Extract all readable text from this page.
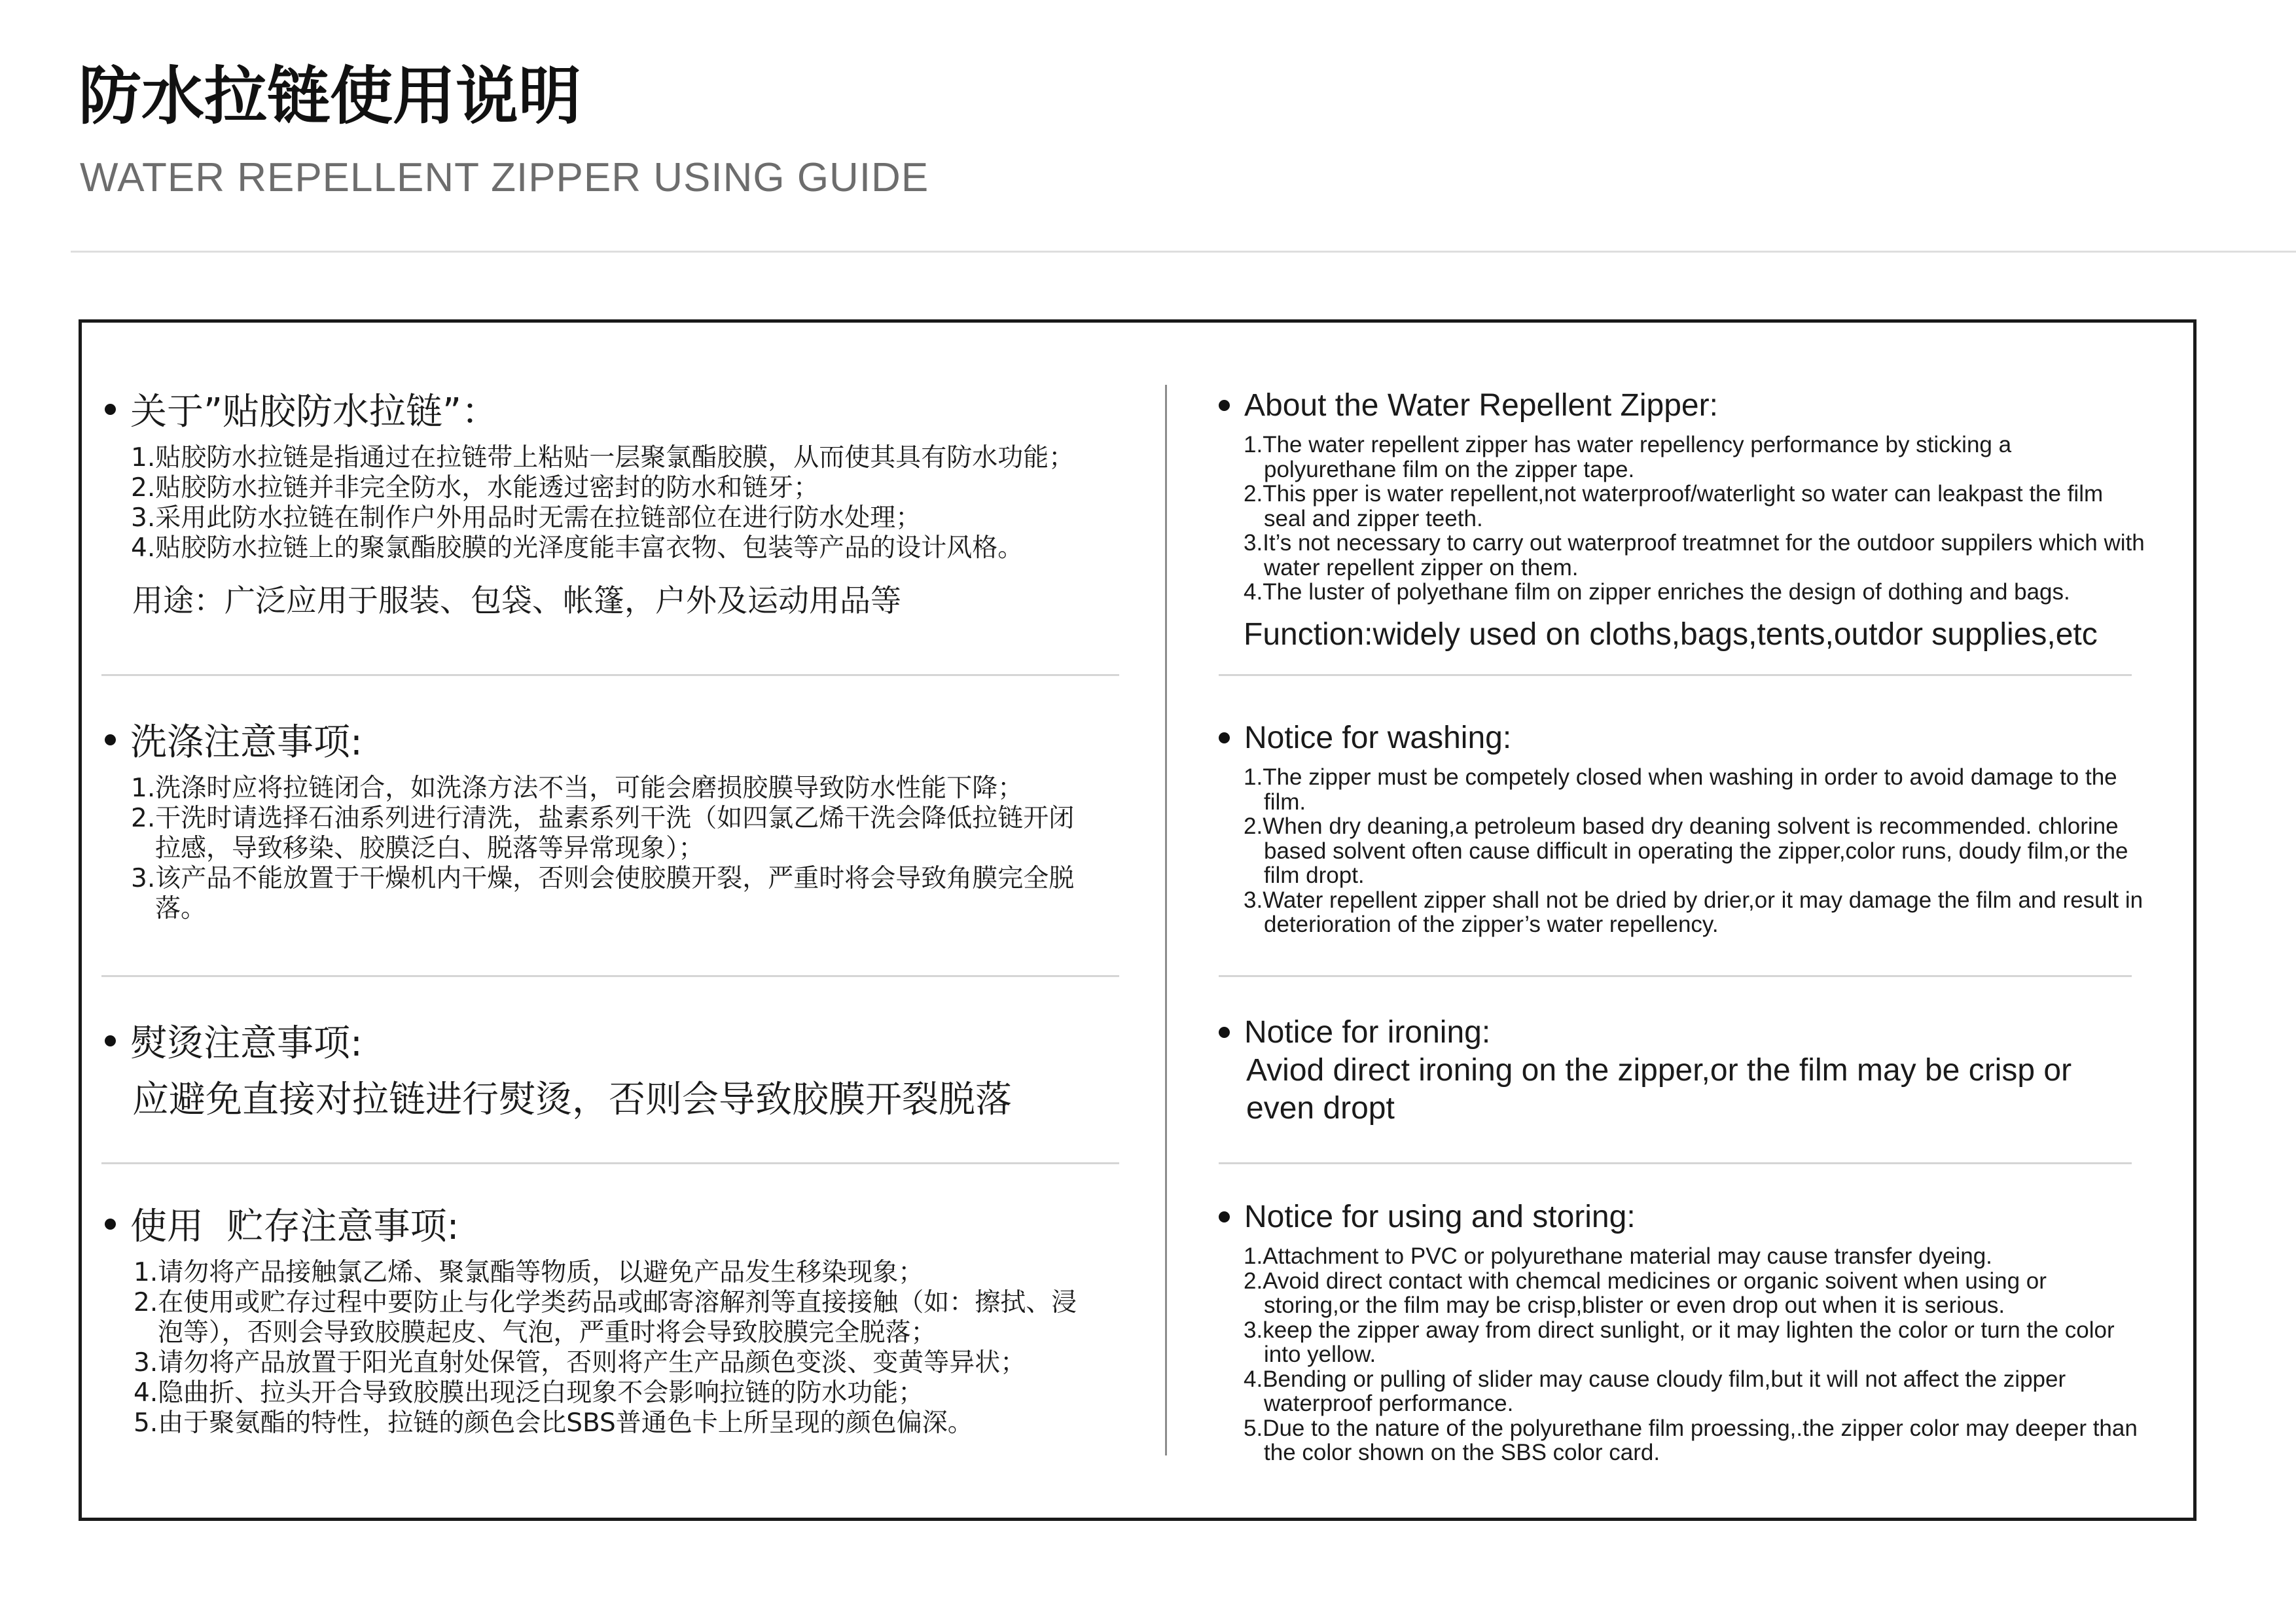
防水拉链使用说明
WATER REPELLENT ZIPPER USING GUIDE
关于”贴胶防水拉链”：
1.贴胶防水拉链是指通过在拉链带上粘贴一层聚氯酯胶膜，从而使其具有防水功能；
2.贴胶防水拉链并非完全防水，水能透过密封的防水和链牙；
3.采用此防水拉链在制作户外用品时无需在拉链部位在进行防水处理；
4.贴胶防水拉链上的聚氯酯胶膜的光泽度能丰富衣物、包装等产品的设计风格。
用途：广泛应用于服装、包袋、帐篷，户外及运动用品等
洗涤注意事项:
1.洗涤时应将拉链闭合，如洗涤方法不当，可能会磨损胶膜导致防水性能下降；
2.干洗时请选择石油系列进行清洗，盐素系列干洗（如四氯乙烯干洗会降低拉链开闭拉感，导致移染、胶膜泛白、脱落等异常现象）；
3.该产品不能放置于干燥机内干燥，否则会使胶膜开裂，严重时将会导致角膜完全脱落。
熨烫注意事项:
应避免直接对拉链进行熨烫，否则会导致胶膜开裂脱落
使用  贮存注意事项:
1.请勿将产品接触氯乙烯、聚氯酯等物质，以避免产品发生移染现象；
2.在使用或贮存过程中要防止与化学类药品或邮寄溶解剂等直接接触（如：擦拭、浸泡等），否则会导致胶膜起皮、气泡，严重时将会导致胶膜完全脱落；
3.请勿将产品放置于阳光直射处保管，否则将产生产品颜色变淡、变黄等异状；
4.隐曲折、拉头开合导致胶膜出现泛白现象不会影响拉链的防水功能；
5.由于聚氨酯的特性，拉链的颜色会比SBS普通色卡上所呈现的颜色偏深。
About the Water Repellent Zipper:
1.The water repellent zipper has water repellency performance by sticking a polyurethane film on the zipper tape.
2.This pper is water repellent,not waterproof/waterlight so water can leakpast the film seal and zipper teeth.
3.It’s not necessary to carry out waterproof treatmnet for the outdoor suppilers which with water repellent zipper on them.
4.The luster of polyethane film on zipper enriches the design of dothing and bags.
Function:widely used on cloths,bags,tents,outdor supplies,etc
Notice for washing:
1.The zipper must be competely closed when washing in order to avoid damage to the film.
2.When dry deaning,a petroleum based dry deaning solvent is recommended. chlorine based solvent often cause difficult in operating the zipper,color runs, doudy film,or the film dropt.
3.Water repellent zipper shall not be dried by drier,or it may damage the film and result in deterioration of the zipper’s water repellency.
Notice for ironing:
Aviod direct ironing on the zipper,or the film may be crisp or even dropt
Notice for using and storing:
1.Attachment to PVC or polyurethane material may cause transfer dyeing.
2.Avoid direct contact with chemcal medicines or organic soivent when using or storing,or the film may be crisp,blister or even drop out when it is serious.
3.keep the zipper away from direct sunlight, or it may lighten the color or turn the color into yellow.
4.Bending or pulling of slider may cause cloudy film,but it will not affect the zipper waterproof performance.
5.Due to the nature of the polyurethane film proessing,.the zipper color may deeper than the color shown on the SBS color card.
